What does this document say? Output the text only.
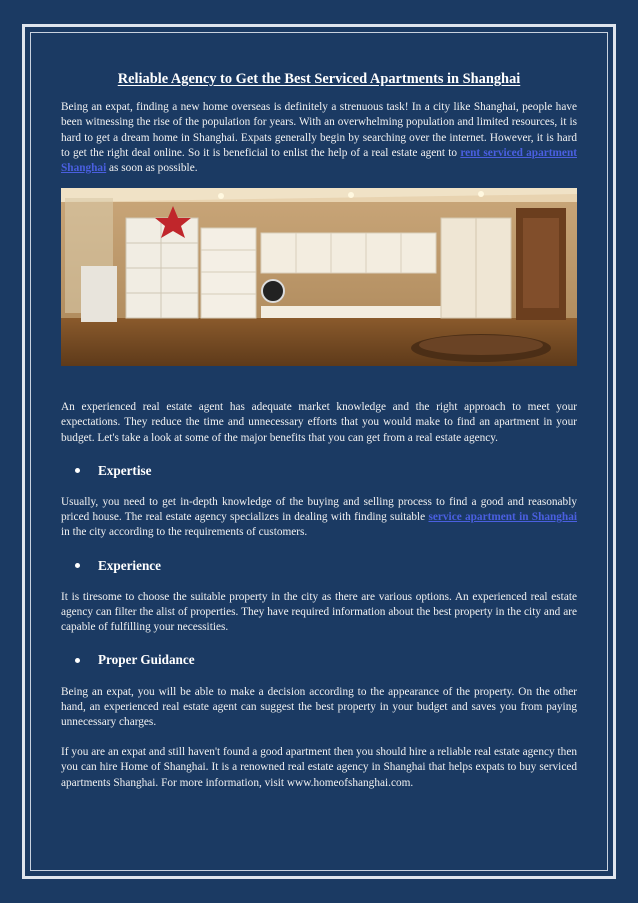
Reliable Agency to Get the Best Serviced Apartments in Shanghai

Being an expat, finding a new home overseas is definitely a strenuous task! In a city like Shanghai, people have been witnessing the rise of the population for years. With an overwhelming population and limited resources, it is hard to get a dream home in Shanghai. Expats generally begin by searching over the internet. However, it is hard to get the right deal online. So it is beneficial to enlist the help of a real estate agent to rent serviced apartment Shanghai as soon as possible.

An experienced real estate agent has adequate market knowledge and the right approach to meet your expectations. They reduce the time and unnecessary efforts that you would make to find an apartment in your budget. Let's take a look at some of the major benefits that you can get from a real estate agency.

Expertise

Usually, you need to get in-depth knowledge of the buying and selling process to find a good and reasonably priced house. The real estate agency specializes in dealing with finding suitable service apartment in Shanghai in the city according to the requirements of customers.

Experience

It is tiresome to choose the suitable property in the city as there are various options. An experienced real estate agency can filter the alist of properties. They have required information about the best property in the city and are capable of fulfilling your necessities.

Proper Guidance

Being an expat, you will be able to make a decision according to the appearance of the property. On the other hand, an experienced real estate agent can suggest the best property in your budget and saves you from paying unnecessary charges.

If you are an expat and still haven't found a good apartment then you should hire a reliable real estate agency then you can hire Home of Shanghai. It is a renowned real estate agency in Shanghai that helps expats to buy serviced apartments Shanghai. For more information, visit www.homeofshanghai.com.
